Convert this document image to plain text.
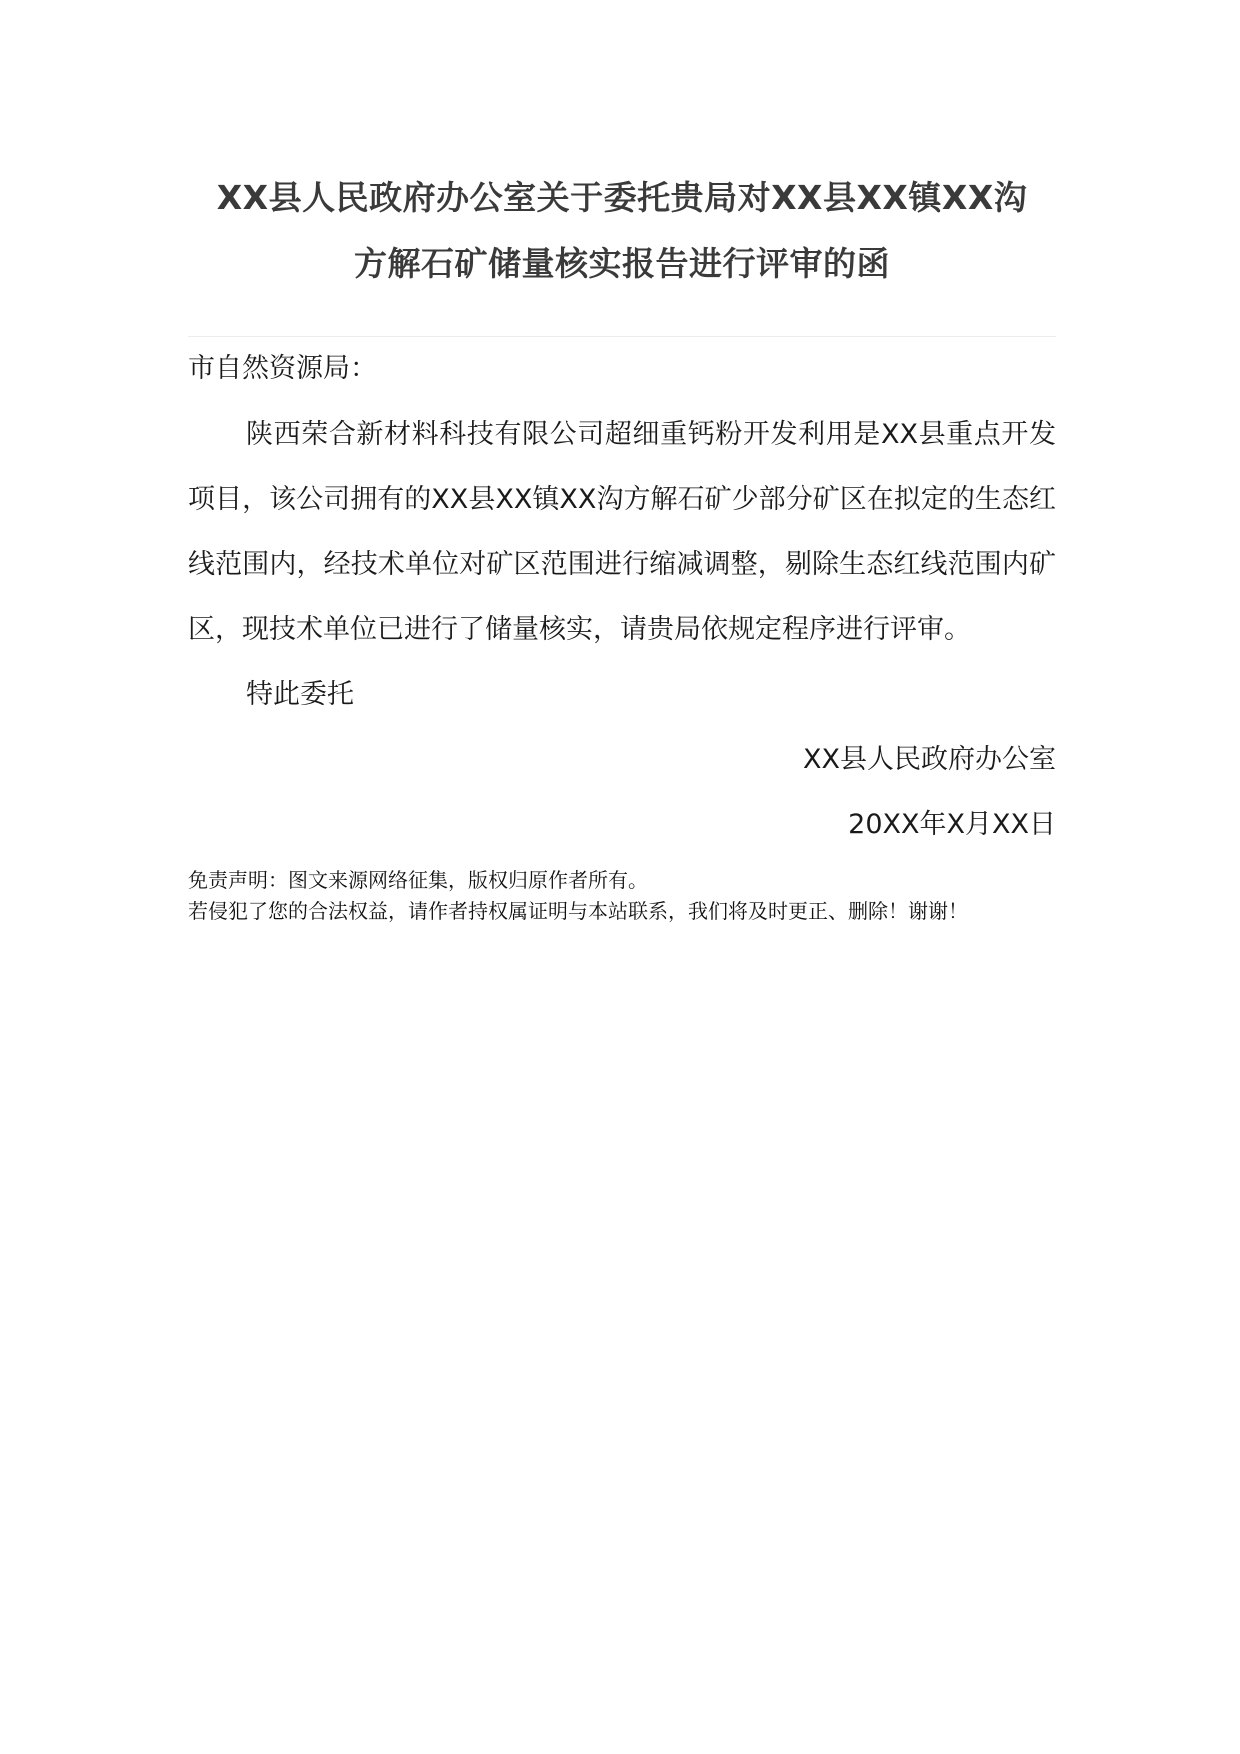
XX县人民政府办公室关于委托贵局对XX县XX镇XX沟
方解石矿储量核实报告进行评审的函

市自然资源局：

陕西荣合新材料科技有限公司超细重钙粉开发利用是XX县重点开发项目，该公司拥有的XX县XX镇XX沟方解石矿少部分矿区在拟定的生态红线范围内，经技术单位对矿区范围进行缩减调整，剔除生态红线范围内矿区，现技术单位已进行了储量核实，请贵局依规定程序进行评审。

特此委托

XX县人民政府办公室

20XX年X月XX日

免责声明：图文来源网络征集，版权归原作者所有。
若侵犯了您的合法权益，请作者持权属证明与本站联系，我们将及时更正、删除！谢谢！
